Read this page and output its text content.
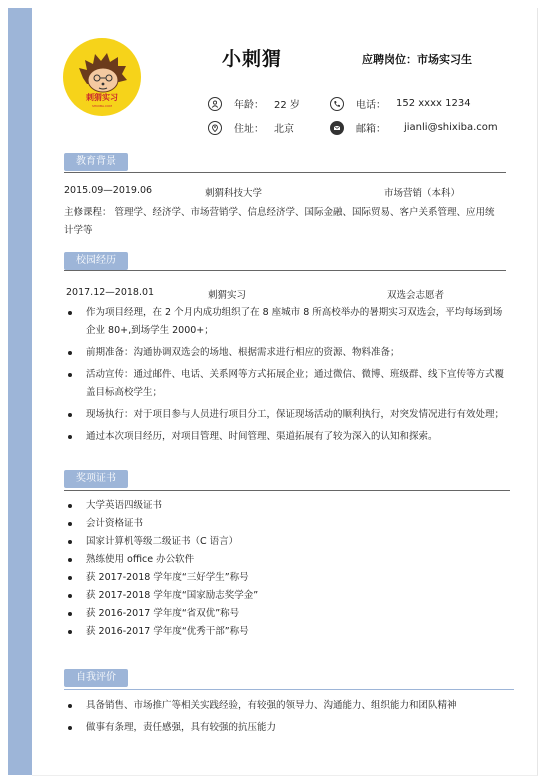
刺猬实习
SHIXIBA.COM
小刺猬	应聘岗位：市场实习生
年龄： 22 岁	电话： 152 xxxx 1234
住址： 北京	邮箱： jianli@shixiba.com
教育背景
2015.09—2019.06	刺猬科技大学	市场营销（本科）
主修课程： 管理学、经济学、市场营销学、信息经济学、国际金融、国际贸易、客户关系管理、应用统计学等
校园经历
2017.12—2018.01	刺猬实习	双选会志愿者
作为项目经理，在 2 个月内成功组织了在 8 座城市 8 所高校举办的暑期实习双选会，平均每场到场企业 80+,到场学生 2000+；
前期准备：沟通协调双选会的场地、根据需求进行相应的资源、物料准备；
活动宣传：通过邮件、电话、关系网等方式拓展企业；通过微信、微博、班级群、线下宣传等方式覆盖目标高校学生；
现场执行：对于项目参与人员进行项目分工，保证现场活动的顺利执行，对突发情况进行有效处理；
通过本次项目经历，对项目管理、时间管理、渠道拓展有了较为深入的认知和探索。
奖项证书
大学英语四级证书
会计资格证书
国家计算机等级二级证书（C 语言）
熟练使用 office 办公软件
获 2017-2018 学年度“三好学生”称号
获 2017-2018 学年度“国家励志奖学金”
获 2016-2017 学年度“省双优”称号
获 2016-2017 学年度“优秀干部”称号
自我评价
具备销售、市场推广等相关实践经验，有较强的领导力、沟通能力、组织能力和团队精神
做事有条理，责任感强，具有较强的抗压能力
